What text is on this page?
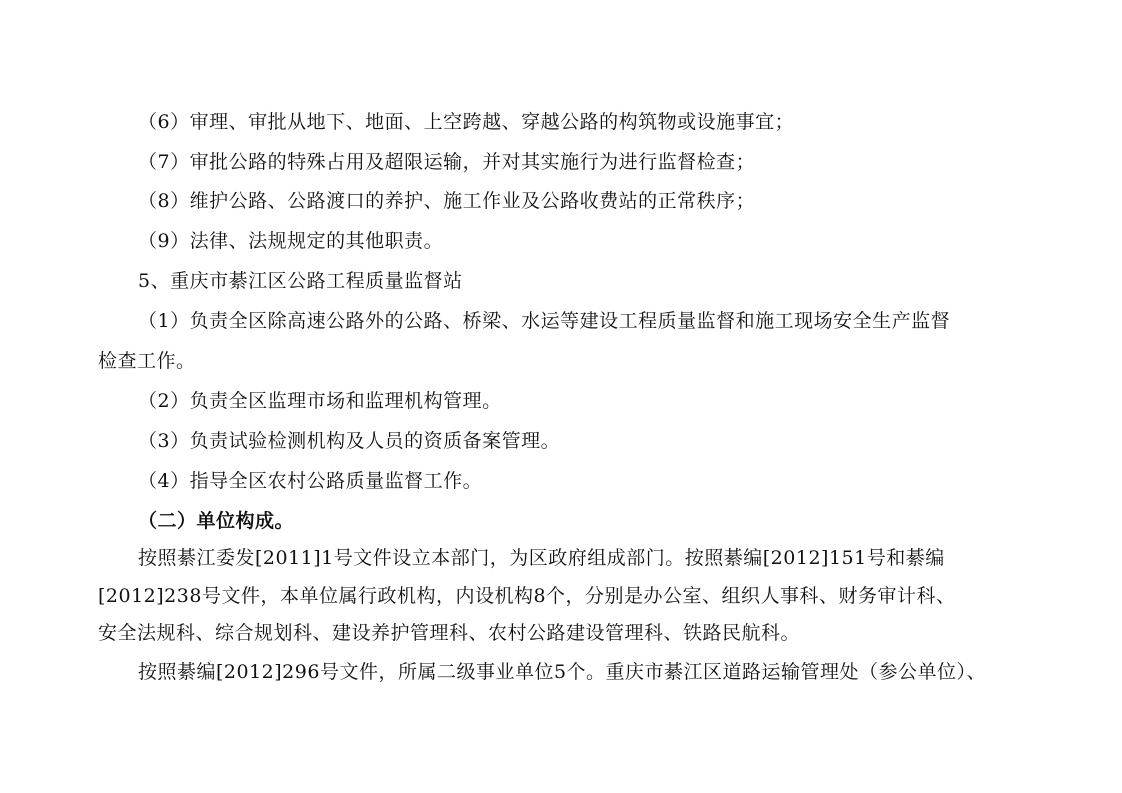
（6）审理、审批从地下、地面、上空跨越、穿越公路的构筑物或设施事宜；
（7）审批公路的特殊占用及超限运输，并对其实施行为进行监督检查；
（8）维护公路、公路渡口的养护、施工作业及公路收费站的正常秩序；
（9）法律、法规规定的其他职责。
5、重庆市綦江区公路工程质量监督站
（1）负责全区除高速公路外的公路、桥梁、水运等建设工程质量监督和施工现场安全生产监督
检查工作。
（2）负责全区监理市场和监理机构管理。
（3）负责试验检测机构及人员的资质备案管理。
（4）指导全区农村公路质量监督工作。
（二）单位构成。
按照綦江委发[2011]1号文件设立本部门，为区政府组成部门。按照綦编[2012]151号和綦编
[2012]238号文件，本单位属行政机构，内设机构8个，分别是办公室、组织人事科、财务审计科、
安全法规科、综合规划科、建设养护管理科、农村公路建设管理科、铁路民航科。
按照綦编[2012]296号文件，所属二级事业单位5个。重庆市綦江区道路运输管理处（参公单位）、
